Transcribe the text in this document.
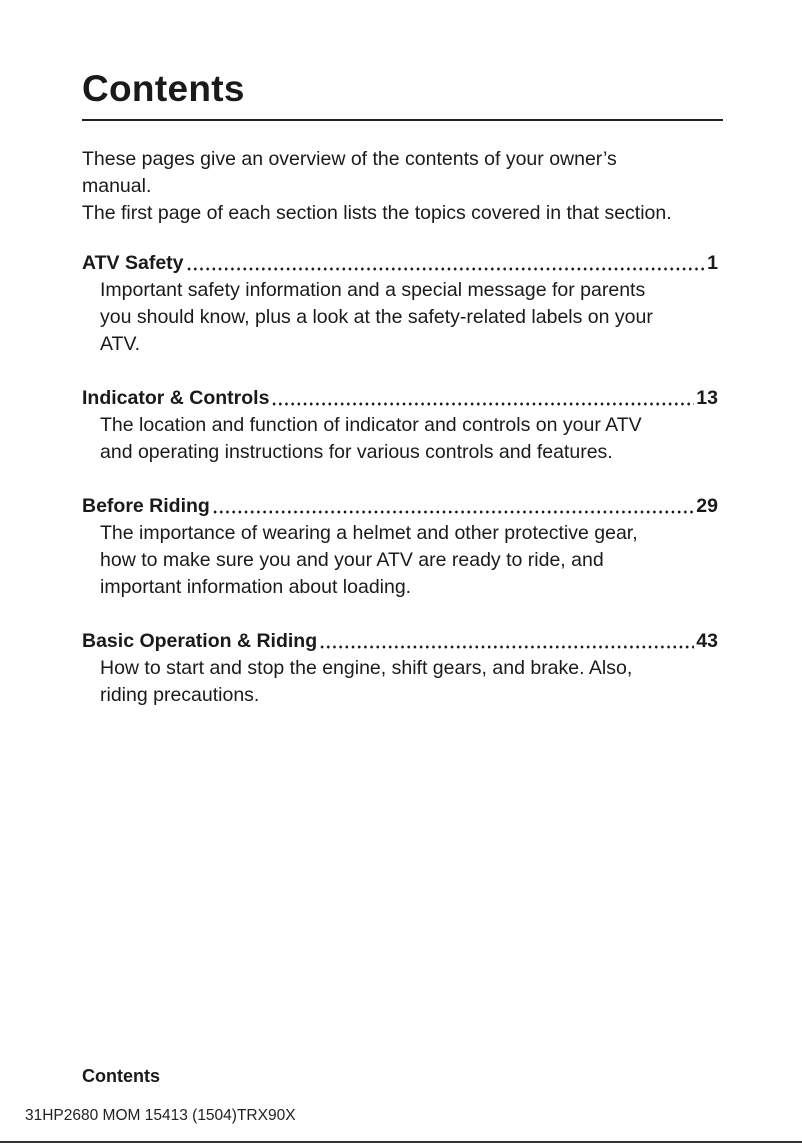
Contents
These pages give an overview of the contents of your owner’s
manual.
The first page of each section lists the topics covered in that section.
ATV Safety	1
Important safety information and a special message for parents
you should know, plus a look at the safety-related labels on your
ATV.
Indicator & Controls	13
The location and function of indicator and controls on your ATV
and operating instructions for various controls and features.
Before Riding	29
The importance of wearing a helmet and other protective gear,
how to make sure you and your ATV are ready to ride, and
important information about loading.
Basic Operation & Riding	43
How to start and stop the engine, shift gears, and brake. Also,
riding precautions.
Contents
31HP2680 MOM 15413 (1504)TRX90X
